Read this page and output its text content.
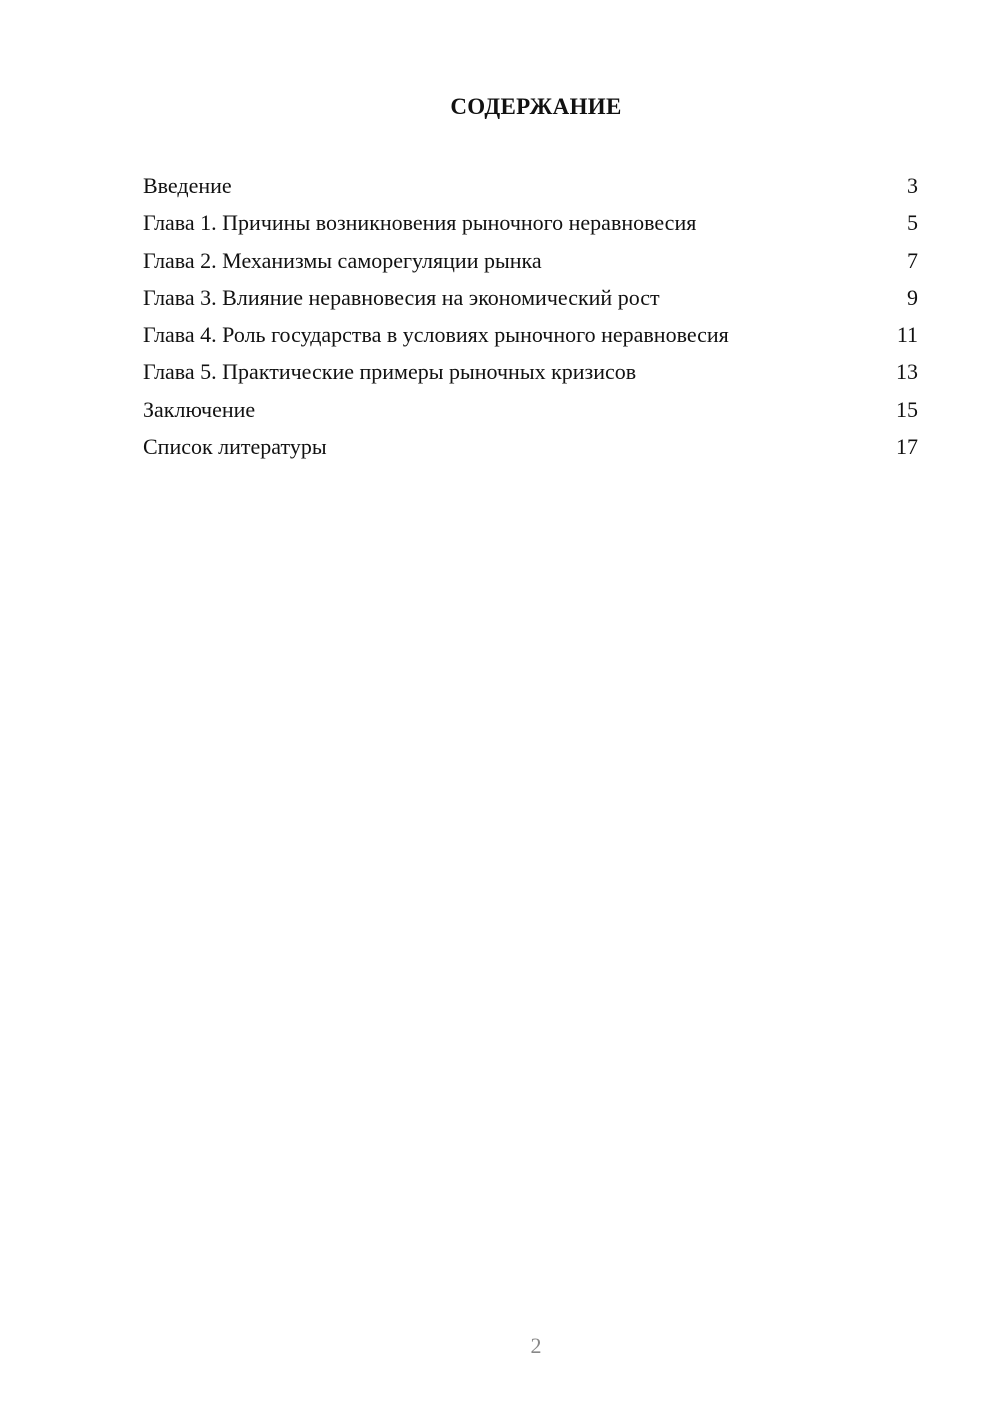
СОДЕРЖАНИЕ
Введение	3
Глава 1. Причины возникновения рыночного неравновесия	5
Глава 2. Механизмы саморегуляции рынка	7
Глава 3. Влияние неравновесия на экономический рост	9
Глава 4. Роль государства в условиях рыночного неравновесия	11
Глава 5. Практические примеры рыночных кризисов	13
Заключение	15
Список литературы	17
2
